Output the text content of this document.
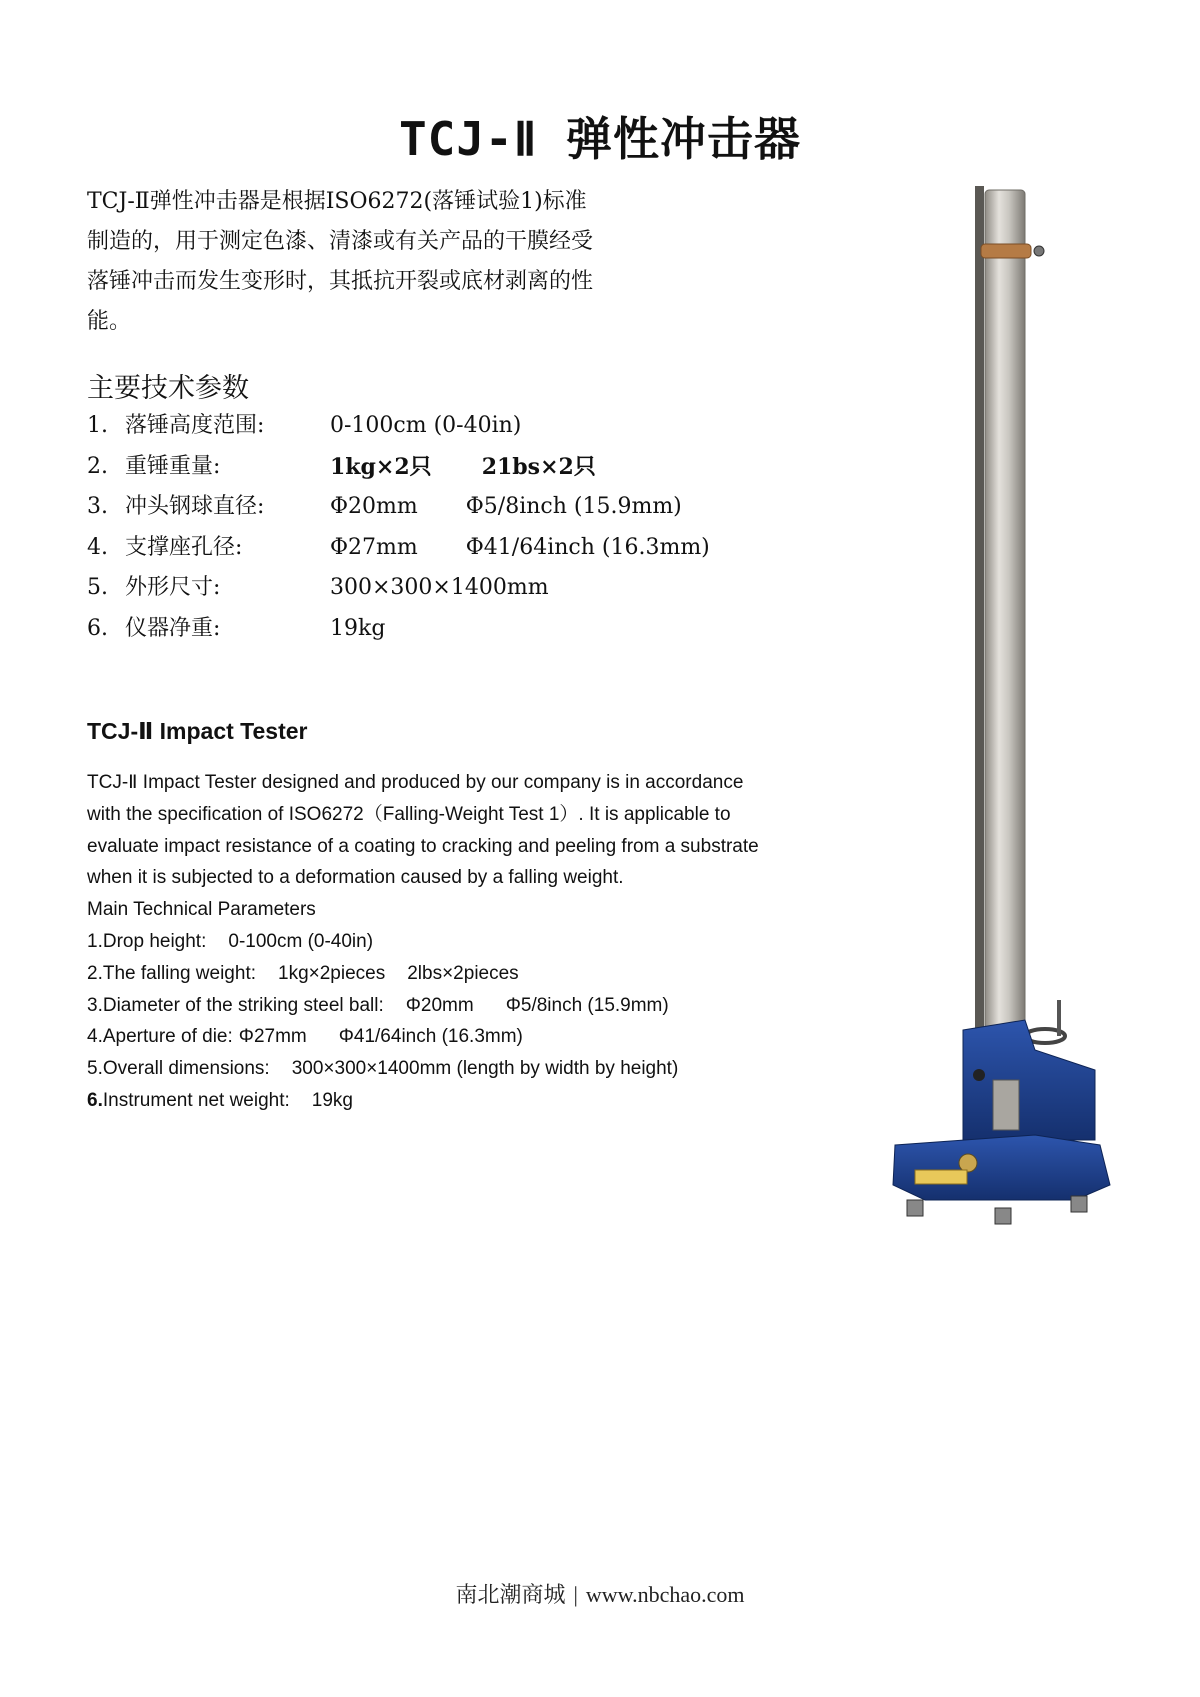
TCJ-Ⅱ 弹性冲击器

TCJ-Ⅱ弹性冲击器是根据ISO6272(落锤试验1)标准制造的，用于测定色漆、清漆或有关产品的干膜经受落锤冲击而发生变形时，其抵抗开裂或底材剥离的性能。

主要技术参数
1. 落锤高度范围:	0-100cm (0-40in)
2. 重锤重量:	1kg×2只 21bs×2只
3. 冲头钢球直径:	Φ20mm Φ5/8inch (15.9mm)
4. 支撑座孔径:	Φ27mm Φ41/64inch (16.3mm)
5. 外形尺寸:	300×300×1400mm
6. 仪器净重:	19kg
TCJ-Ⅱ Impact Tester
TCJ-Ⅱ Impact Tester designed and produced by our company is in accordance
with the specification of ISO6272（Falling-Weight Test 1）. It is applicable to
evaluate impact resistance of a coating to cracking and peeling from a substrate
when it is subjected to a deformation caused by a falling weight.
Main Technical Parameters
1. Drop height: 0-100cm (0-40in)
2. The falling weight: 1kg×2pieces 2lbs×2pieces
3. Diameter of the striking steel ball: Φ20mm Φ5/8inch (15.9mm)
4. Aperture of die: Φ27mm Φ41/64inch (16.3mm)
5. Overall dimensions: 300×300×1400mm (length by width by height)
6. Instrument net weight: 19kg
南北潮商城 | www.nbchao.com
